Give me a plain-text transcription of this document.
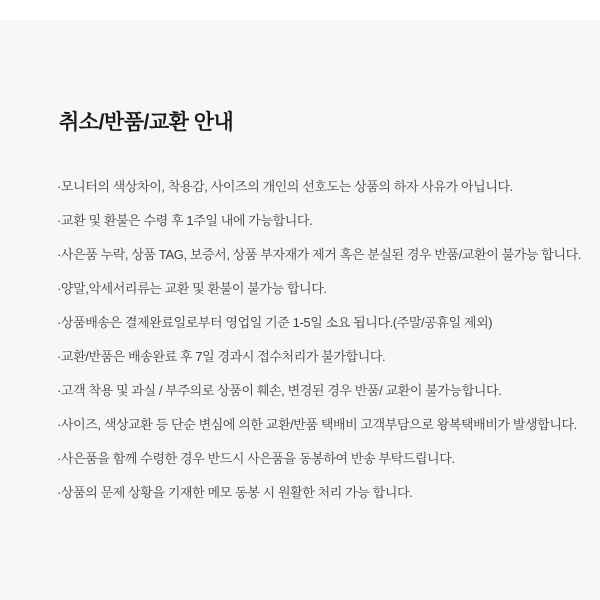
취소/반품/교환 안내
·모니터의 색상차이, 착용감, 사이즈의 개인의 선호도는 상품의 하자 사유가 아닙니다.
·교환 및 환불은 수령 후 1주일 내에 가능합니다.
·사은품 누락, 상품 TAG, 보증서, 상품 부자재가 제거 혹은 분실된 경우 반품/교환이 불가능 합니다.
·양말,악세서리류는 교환 및 환불이 불가능 합니다.
·상품배송은 결제완료일로부터 영업일 기준 1-5일 소요 됩니다.(주말/공휴일 제외)
·교환/반품은 배송완료 후 7일 경과시 접수처리가 불가합니다.
·고객 착용 및 과실 / 부주의로 상품이 훼손, 변경된 경우 반품/ 교환이 불가능합니다.
·사이즈, 색상교환 등 단순 변심에 의한 교환/반품 택배비 고객부담으로 왕복택배비가 발생합니다.
·사은품을 함께 수령한 경우 반드시 사은품을 동봉하여 반송 부탁드립니다.
·상품의 문제 상황을 기재한 메모 동봉 시 원활한 처리 가능 합니다.
